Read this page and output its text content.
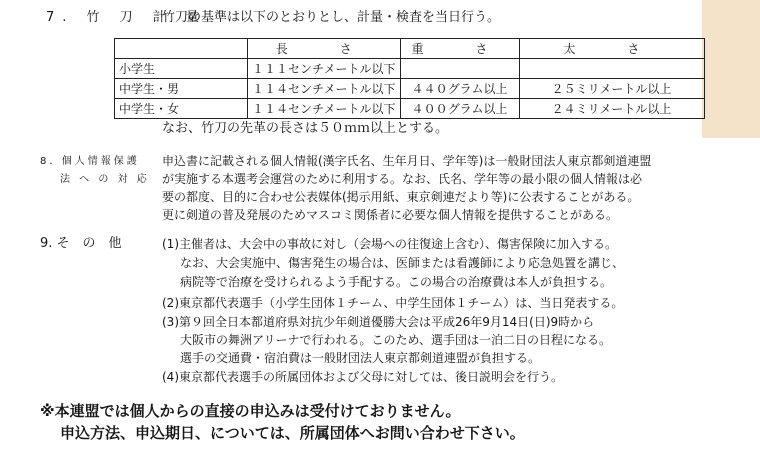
7. 竹 刀 計 量
竹刀の基準は以下のとおりとし、計量・検査を当日行う。
	長　さ	重　さ	太　さ
小学生	１１１センチメートル以下		
中学生・男	１１４センチメートル以下	４４０グラム以上	２５ミリメートル以上
中学生・女	１１４センチメートル以下	４００グラム以上	２４ミリメートル以上
なお、竹刀の先革の長さは５０ｍｍ以上とする。
8. 個人情報保護
法 へ の 対 応
申込書に記載される個人情報(漢字氏名、生年月日、学年等)は一般財団法人東京都剣道連盟
が実施する本選考会運営のために利用する。なお、氏名、学年等の最小限の個人情報は必
要の都度、目的に合わせ公表媒体(掲示用紙、東京剣連だより等)に公表することがある。
更に剣道の普及発展のためマスコミ関係者に必要な個人情報を提供することがある。
9. そ　の　他	(1)主催者は、大会中の事故に対し（会場への往復途上含む）、傷害保険に加入する。
なお、大会実施中、傷害発生の場合は、医師または看護師により応急処置を講じ、
病院等で治療を受けられるよう手配する。この場合の治療費は本人が負担する。
(2)東京都代表選手（小学生団体１チーム、中学生団体１チーム）は、当日発表する。
(3)第９回全日本都道府県対抗少年剣道優勝大会は平成26年9月14日(日)9時から
大阪市の舞洲アリーナで行われる。このため、選手団は一泊二日の日程になる。
選手の交通費・宿泊費は一般財団法人東京都剣道連盟が負担する。
(4)東京都代表選手の所属団体および父母に対しては、後日説明会を行う。
※本連盟では個人からの直接の申込みは受付けておりません。
申込方法、申込期日、については、所属団体へお問い合わせ下さい。
